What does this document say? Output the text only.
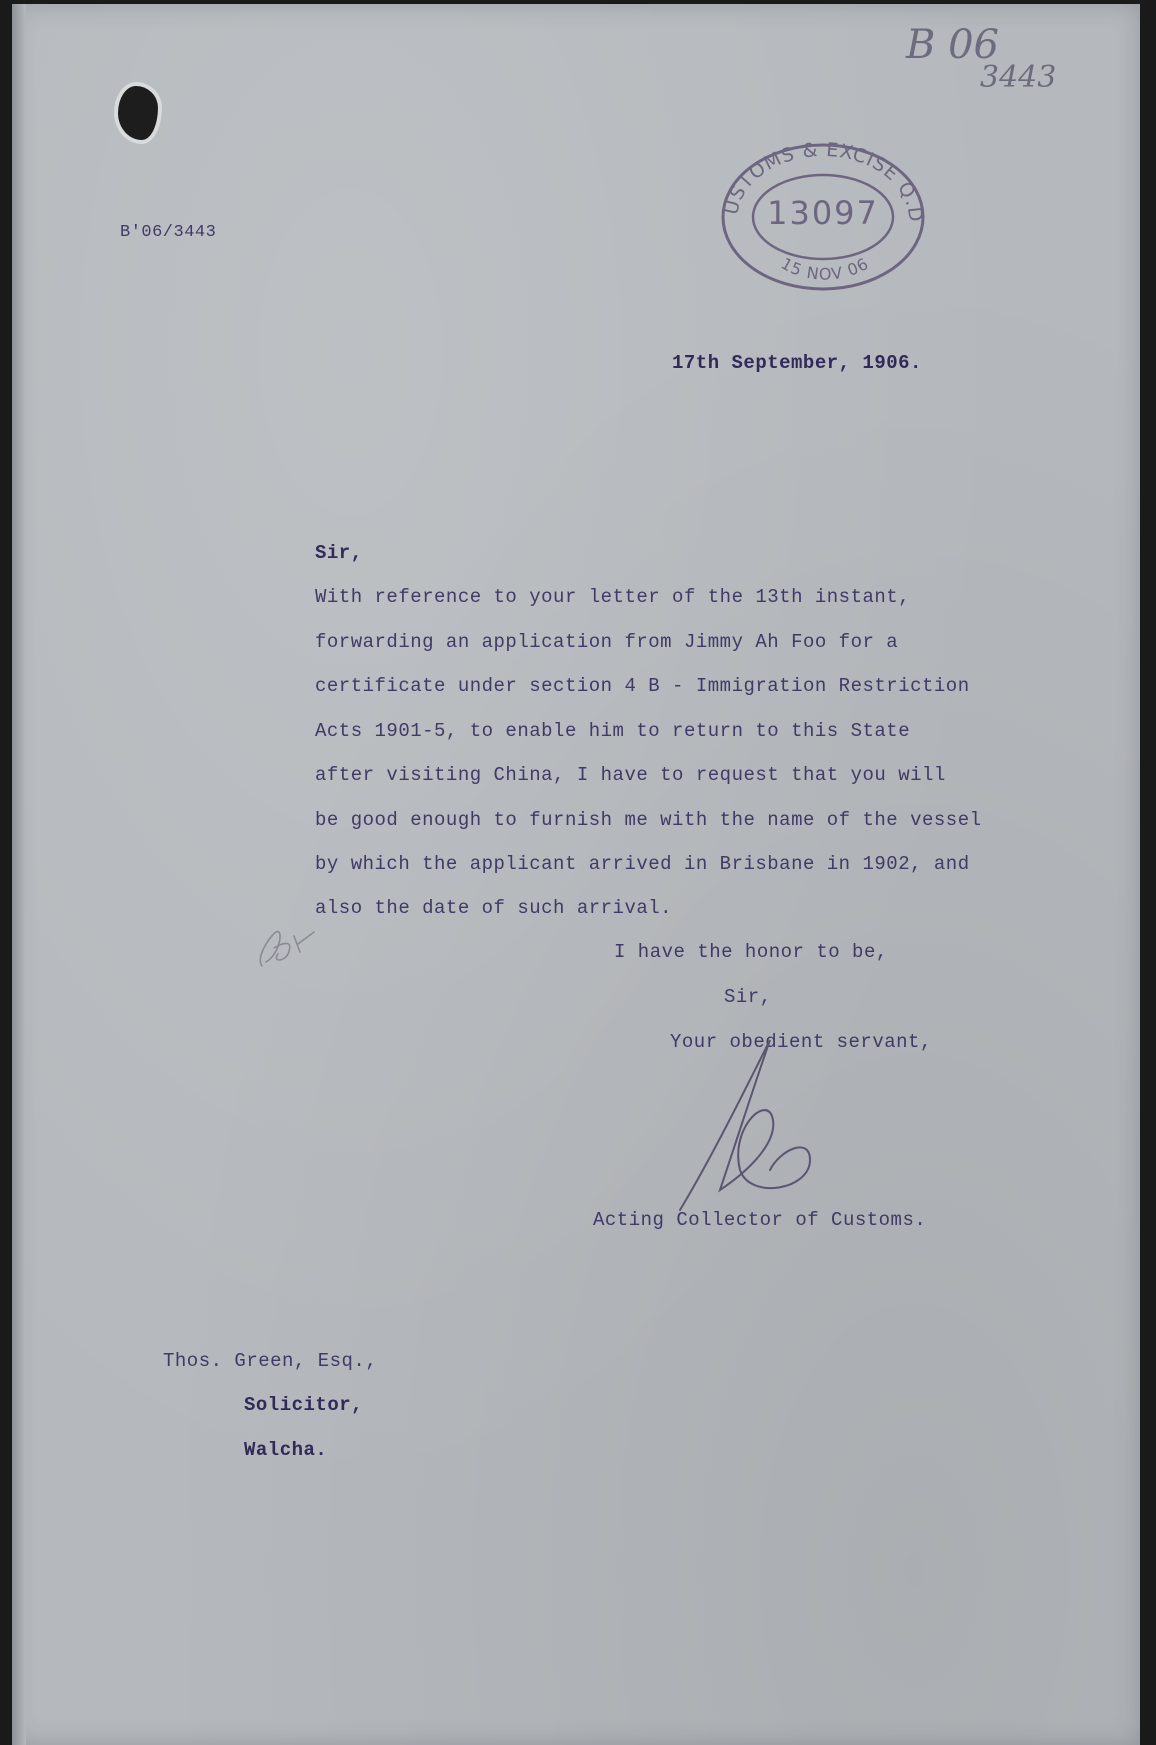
B 06
3443
B'06/3443
USTOMS & EXCISE Q.D
15 NOV 06
13097
17th September, 1906.
Sir,
With reference to your letter of the 13th instant,
forwarding an application from Jimmy Ah Foo for a
certificate under section 4 B - Immigration Restriction
Acts 1901-5, to enable him to return to this State
after visiting China, I have to request that you will
be good enough to furnish me with the name of the vessel
by which the applicant arrived in Brisbane in 1902, and
also the date of such arrival.
I have the honor to be,
Sir,
Your obedient servant,
Acting Collector of Customs.
Thos. Green, Esq.,
Solicitor,
Walcha.
